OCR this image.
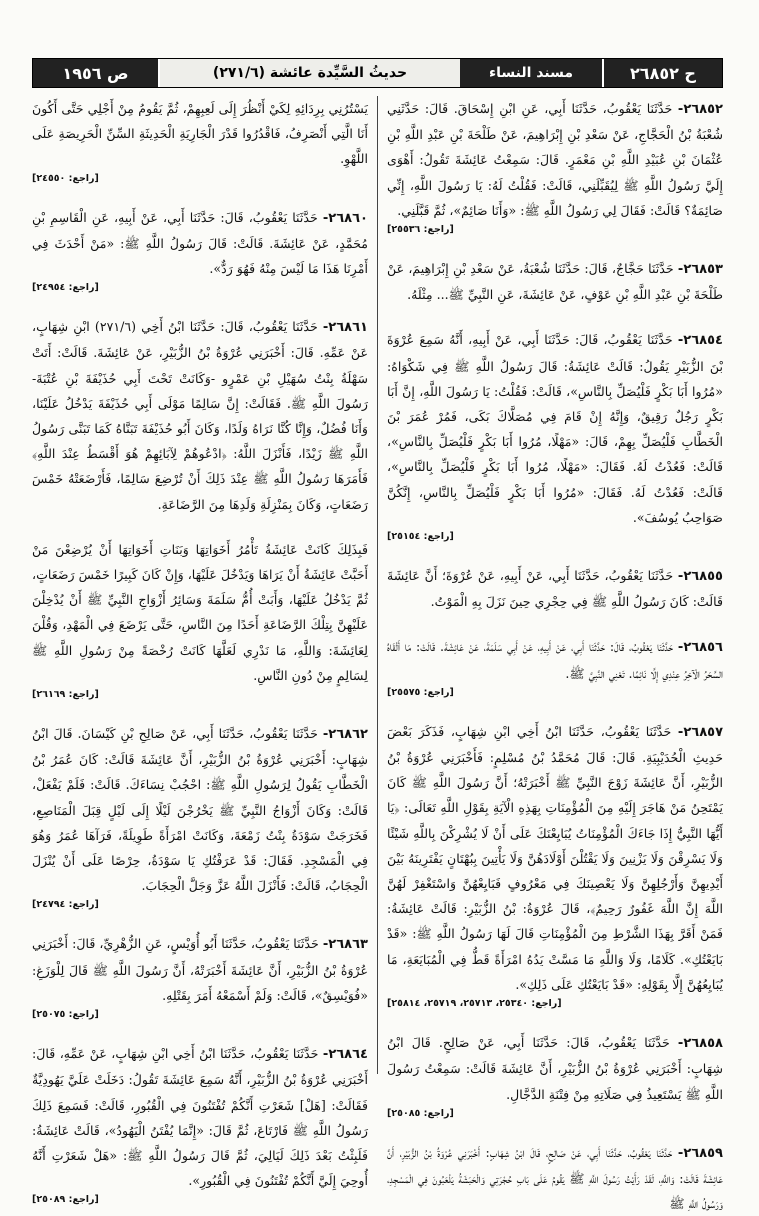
ح ٢٦٨٥٢
مسند النساء
حديثُ السَّيِّدة عائشة (٢٧١/٦)
ص ١٩٥٦

٢٦٨٥٢- حَدَّثَنَا يَعْقُوبُ، حَدَّثَنَا أَبِي، عَنِ ابْنِ إِسْحَاقَ. قَالَ: حَدَّثَنِي شُعْبَةُ بْنُ الْحَجَّاجِ، عَنْ سَعْدِ بْنِ إِبْرَاهِيمَ، عَنْ طَلْحَةَ بْنِ عَبْدِ اللَّهِ بْنِ عُثْمَانَ بْنِ عُبَيْدِ اللَّهِ بْنِ مَعْمَرٍ. قَالَ: سَمِعْتُ عَائِشَةَ تَقُولُ: أَهْوَى إِلَيَّ رَسُولُ اللَّهِ ﷺ لِيُقَبِّلَنِي، قَالَتْ: فَقُلْتُ لَهُ: يَا رَسُولَ اللَّهِ، إِنِّي صَائِمَةٌ؟ قَالَتْ: فَقَالَ لِي رَسُولُ اللَّهِ ﷺ: «وَأَنَا صَائِمٌ»، ثُمَّ قَبَّلَنِي.
[راجع: ٢٥٥٣٦]

٢٦٨٥٣- حَدَّثَنَا حَجَّاجٌ، قَالَ: حَدَّثَنَا شُعْبَةُ، عَنْ سَعْدِ بْنِ إِبْرَاهِيمَ، عَنْ طَلْحَةَ بْنِ عَبْدِ اللَّهِ بْنِ عَوْفٍ، عَنْ عَائِشَةَ، عَنِ النَّبِيِّ ﷺ... مِثْلَهُ.

٢٦٨٥٤- حَدَّثَنَا يَعْقُوبُ، قَالَ: حَدَّثَنَا أَبِي، عَنْ أَبِيهِ، أَنَّهُ سَمِعَ عُرْوَةَ بْنَ الزُّبَيْرِ يَقُولُ: قَالَتْ عَائِشَةُ: قَالَ رَسُولُ اللَّهِ ﷺ فِي شَكْوَاهُ: «مُرُوا أَبَا بَكْرٍ فَلْيُصَلِّ بِالنَّاسِ»، قَالَتْ: فَقُلْتُ: يَا رَسُولَ اللَّهِ، إِنَّ أَبَا بَكْرٍ رَجُلٌ رَقِيقٌ، وَإِنَّهُ إِنْ قَامَ فِي مُصَلَّاكَ بَكَى، فَمُرْ عُمَرَ بْنَ الْخَطَّابِ فَلْيُصَلِّ بِهِمْ، قَالَ: «مَهْلًا، مُرُوا أَبَا بَكْرٍ فَلْيُصَلِّ بِالنَّاسِ»، قَالَتْ: فَعُدْتُ لَهُ. فَقَالَ: «مَهْلًا، مُرُوا أَبَا بَكْرٍ فَلْيُصَلِّ بِالنَّاسِ»، قَالَتْ: فَعُدْتُ لَهُ. فَقَالَ: «مُرُوا أَبَا بَكْرٍ فَلْيُصَلِّ بِالنَّاسِ، إِنَّكُنَّ صَوَاحِبُ يُوسُفَ».
[راجع: ٢٥١٥٤]

٢٦٨٥٥- حَدَّثَنَا يَعْقُوبُ، حَدَّثَنَا أَبِي، عَنْ أَبِيهِ، عَنْ عُرْوَةَ؛ أَنَّ عَائِشَةَ قَالَتْ: كَانَ رَسُولُ اللَّهِ ﷺ فِي حِجْرِي حِينَ نَزَلَ بِهِ الْمَوْتُ.

٢٦٨٥٦- حَدَّثَنَا يَعْقُوبُ، قَالَ: حَدَّثَنَا أَبِي، عَنْ أَبِيهِ، عَنْ أَبِي سَلَمَةَ، عَنْ عَائِشَةَ. قَالَتْ: مَا أَلْقَاهُ السَّحَرُ الْآخِرُ عِنْدِي إِلَّا نَائِمًا. تَعْنِي النَّبِيَّ ﷺ.
[راجع: ٢٥٥٧٥]

٢٦٨٥٧- حَدَّثَنَا يَعْقُوبُ، حَدَّثَنَا ابْنُ أَخِي ابْنِ شِهَابٍ، فَذَكَرَ بَعْضَ حَدِيثِ الْحُدَيْبِيَةِ. قَالَ: قَالَ مُحَمَّدُ بْنُ مُسْلِمٍ: فَأَخْبَرَنِي عُرْوَةُ بْنُ الزُّبَيْرِ، أَنَّ عَائِشَةَ زَوْجَ النَّبِيِّ ﷺ أَخْبَرَتْهُ؛ أَنَّ رَسُولَ اللَّهِ ﷺ كَانَ يَمْتَحِنُ مَنْ هَاجَرَ إِلَيْهِ مِنَ الْمُؤْمِنَاتِ بِهَذِهِ الْآيَةِ بِقَوْلِ اللَّهِ تَعَالَى: ﴿يَا أَيُّهَا النَّبِيُّ إِذَا جَاءَكَ الْمُؤْمِنَاتُ يُبَايِعْنَكَ عَلَى أَنْ لَا يُشْرِكْنَ بِاللَّهِ شَيْئًا وَلَا يَسْرِقْنَ وَلَا يَزْنِينَ وَلَا يَقْتُلْنَ أَوْلَادَهُنَّ وَلَا يَأْتِينَ بِبُهْتَانٍ يَفْتَرِينَهُ بَيْنَ أَيْدِيهِنَّ وَأَرْجُلِهِنَّ وَلَا يَعْصِينَكَ فِي مَعْرُوفٍ فَبَايِعْهُنَّ وَاسْتَغْفِرْ لَهُنَّ اللَّهَ إِنَّ اللَّهَ غَفُورٌ رَحِيمٌ﴾، قَالَ عُرْوَةُ: بْنُ الزُّبَيْرِ: قَالَتْ عَائِشَةُ: فَمَنْ أَقَرَّ بِهَذَا الشَّرْطِ مِنَ الْمُؤْمِنَاتِ قَالَ لَهَا رَسُولُ اللَّهِ ﷺ: «قَدْ بَايَعْتُكِ». كَلَامًا، وَلَا وَاللَّهِ مَا مَسَّتْ يَدُهُ امْرَأَةً قَطُّ فِي الْمُبَايَعَةِ، مَا يُبَايِعُهُنَّ إِلَّا بِقَوْلِهِ: «قَدْ بَايَعْتُكِ عَلَى ذَلِكِ».
[راجع: ٢٥٣٤٠، ٢٥٧١٣، ٢٥٧١٩، ٢٥٨١٤]

٢٦٨٥٨- حَدَّثَنَا يَعْقُوبُ، قَالَ: حَدَّثَنَا أَبِي، عَنْ صَالِحٍ. قَالَ ابْنُ شِهَابٍ: أَخْبَرَنِي عُرْوَةُ بْنُ الزُّبَيْرِ، أَنَّ عَائِشَةَ قَالَتْ: سَمِعْتُ رَسُولَ اللَّهِ ﷺ يَسْتَعِيذُ فِي صَلَاتِهِ مِنْ فِتْنَةِ الدَّجَّالِ.
[راجع: ٢٥٠٨٥]

٢٦٨٥٩- حَدَّثَنَا يَعْقُوبُ، حَدَّثَنَا أَبِي، عَنْ صَالِحٍ، قَالَ ابْنُ شِهَابٍ: أَخْبَرَنِي عُرْوَةُ بْنُ الزُّبَيْرِ، أَنَّ عَائِشَةَ قَالَتْ: وَاللَّهِ، لَقَدْ رَأَيْتُ رَسُولَ اللَّهِ ﷺ يَقُومُ عَلَى بَابِ حُجْرَتِي وَالْحَبَشَةُ يَلْعَبُونَ فِي الْمَسْجِدِ، وَرَسُولُ اللَّهِ ﷺ

يَسْتُرُنِي بِرِدَائِهِ لِكَيْ أَنْظُرَ إِلَى لَعِبِهِمْ، ثُمَّ يَقُومُ مِنْ أَجْلِي حَتَّى أَكُونَ أَنَا الَّتِي أَنْصَرِفُ، فَاقْدُرُوا قَدْرَ الْجَارِيَةِ الْحَدِيثَةِ السِّنِّ الْحَرِيصَةِ عَلَى اللَّهْوِ.
[راجع: ٢٤٥٥٠]

٢٦٨٦٠- حَدَّثَنَا يَعْقُوبُ، قَالَ: حَدَّثَنَا أَبِي، عَنْ أَبِيهِ، عَنِ الْقَاسِمِ بْنِ مُحَمَّدٍ، عَنْ عَائِشَةَ. قَالَتْ: قَالَ رَسُولُ اللَّهِ ﷺ: «مَنْ أَحْدَثَ فِي أَمْرِنَا هَذَا مَا لَيْسَ مِنْهُ فَهُوَ رَدٌّ».
[راجع: ٢٤٩٥٤]

٢٦٨٦١- حَدَّثَنَا يَعْقُوبُ، قَالَ: حَدَّثَنَا ابْنُ أَخِي (٢٧١/٦) ابْنِ شِهَابٍ، عَنْ عَمِّهِ. قَالَ: أَخْبَرَنِي عُرْوَةُ بْنُ الزُّبَيْرِ، عَنْ عَائِشَةَ. قَالَتْ: أَتَتْ سَهْلَةُ بِنْتُ سُهَيْلِ بْنِ عَمْرٍو -وَكَانَتْ تَحْتَ أَبِي حُذَيْفَةَ بْنِ عُتْبَةَ- رَسُولَ اللَّهِ ﷺ. فَقَالَتْ: إِنَّ سَالِمًا مَوْلَى أَبِي حُذَيْفَةَ يَدْخُلُ عَلَيْنَا، وَأَنَا فُضُلٌ، وَإِنَّا كُنَّا نَرَاهُ وَلَدًا، وَكَانَ أَبُو حُذَيْفَةَ تَبَنَّاهُ كَمَا تَبَنَّى رَسُولُ اللَّهِ ﷺ زَيْدًا، فَأَنْزَلَ اللَّهُ: ﴿ادْعُوهُمْ لِآبَائِهِمْ هُوَ أَقْسَطُ عِنْدَ اللَّهِ﴾ فَأَمَرَهَا رَسُولُ اللَّهِ ﷺ عِنْدَ ذَلِكَ أَنْ تُرْضِعَ سَالِمًا، فَأَرْضَعَتْهُ خَمْسَ رَضَعَاتٍ، وَكَانَ بِمَنْزِلَةِ وَلَدِهَا مِنَ الرَّضَاعَةِ.

فَبِذَلِكَ كَانَتْ عَائِشَةُ تَأْمُرُ أَخَوَاتِهَا وَبَنَاتِ أَخَوَاتِهَا أَنْ يُرْضِعْنَ مَنْ أَحَبَّتْ عَائِشَةُ أَنْ يَرَاهَا وَيَدْخُلَ عَلَيْهَا، وَإِنْ كَانَ كَبِيرًا خَمْسَ رَضَعَاتٍ، ثُمَّ يَدْخُلُ عَلَيْهَا، وَأَبَتْ أُمُّ سَلَمَةَ وَسَائِرُ أَزْوَاجِ النَّبِيِّ ﷺ أَنْ يُدْخِلْنَ عَلَيْهِنَّ بِتِلْكَ الرَّضَاعَةِ أَحَدًا مِنَ النَّاسِ، حَتَّى يَرْضَعَ فِي الْمَهْدِ، وَقُلْنَ لِعَائِشَةَ: وَاللَّهِ، مَا نَدْرِي لَعَلَّهَا كَانَتْ رُخْصَةً مِنْ رَسُولِ اللَّهِ ﷺ لِسَالِمٍ مِنْ دُونِ النَّاسِ.
[راجع: ٢٦١٦٩]

٢٦٨٦٢- حَدَّثَنَا يَعْقُوبُ، حَدَّثَنَا أَبِي، عَنْ صَالِحِ بْنِ كَيْسَانَ. قَالَ ابْنُ شِهَابٍ: أَخْبَرَنِي عُرْوَةُ بْنُ الزُّبَيْرِ، أَنَّ عَائِشَةَ قَالَتْ: كَانَ عُمَرُ بْنُ الْخَطَّابِ يَقُولُ لِرَسُولِ اللَّهِ ﷺ: احْجُبْ نِسَاءَكَ. قَالَتْ: فَلَمْ يَفْعَلْ، قَالَتْ: وَكَانَ أَزْوَاجُ النَّبِيِّ ﷺ يَخْرُجْنَ لَيْلًا إِلَى لَيْلٍ قِبَلَ الْمَنَاصِعِ، فَخَرَجَتْ سَوْدَةُ بِنْتُ زَمْعَةَ، وَكَانَتْ امْرَأَةً طَوِيلَةً، فَرَآهَا عُمَرُ وَهُوَ فِي الْمَسْجِدِ. فَقَالَ: قَدْ عَرَفْتُكِ يَا سَوْدَةُ، حِرْصًا عَلَى أَنْ يُنْزَلَ الْحِجَابُ، قَالَتْ: فَأَنْزَلَ اللَّهُ عَزَّ وَجَلَّ الْحِجَابَ.
[راجع: ٢٤٧٩٤]

٢٦٨٦٣- حَدَّثَنَا يَعْقُوبُ، حَدَّثَنَا أَبُو أُوَيْسٍ، عَنِ الزُّهْرِيِّ، قَالَ: أَخْبَرَنِي عُرْوَةُ بْنُ الزُّبَيْرِ، أَنَّ عَائِشَةَ أَخْبَرَتْهُ، أَنَّ رَسُولَ اللَّهِ ﷺ قَالَ لِلْوَزَغِ: «فُوَيْسِقٌ»، قَالَتْ: وَلَمْ أَسْمَعْهُ أَمَرَ بِقَتْلِهِ.
[راجع: ٢٥٠٧٥]

٢٦٨٦٤- حَدَّثَنَا يَعْقُوبُ، حَدَّثَنَا ابْنُ أَخِي ابْنِ شِهَابٍ، عَنْ عَمِّهِ، قَالَ: أَخْبَرَنِي عُرْوَةُ بْنُ الزُّبَيْرِ، أَنَّهُ سَمِعَ عَائِشَةَ تَقُولُ: دَخَلَتْ عَلَيَّ يَهُودِيَّةٌ فَقَالَتْ: [هَلْ] شَعَرْتِ أَنَّكُمْ تُفْتَنُونَ فِي الْقُبُورِ، قَالَتْ: فَسَمِعَ ذَلِكَ رَسُولُ اللَّهِ ﷺ فَارْتَاعَ، ثُمَّ قَالَ: «إِنَّمَا يُفْتَنُ الْيَهُودُ»، قَالَتْ عَائِشَةُ: فَلَبِثْتُ بَعْدَ ذَلِكَ لَيَالِيَ، ثُمَّ قَالَ رَسُولُ اللَّهِ ﷺ: «هَلْ شَعَرْتِ أَنَّهُ أُوحِيَ إِلَيَّ أَنَّكُمْ تُفْتَنُونَ فِي الْقُبُورِ».
[راجع: ٢٥٠٨٩]
